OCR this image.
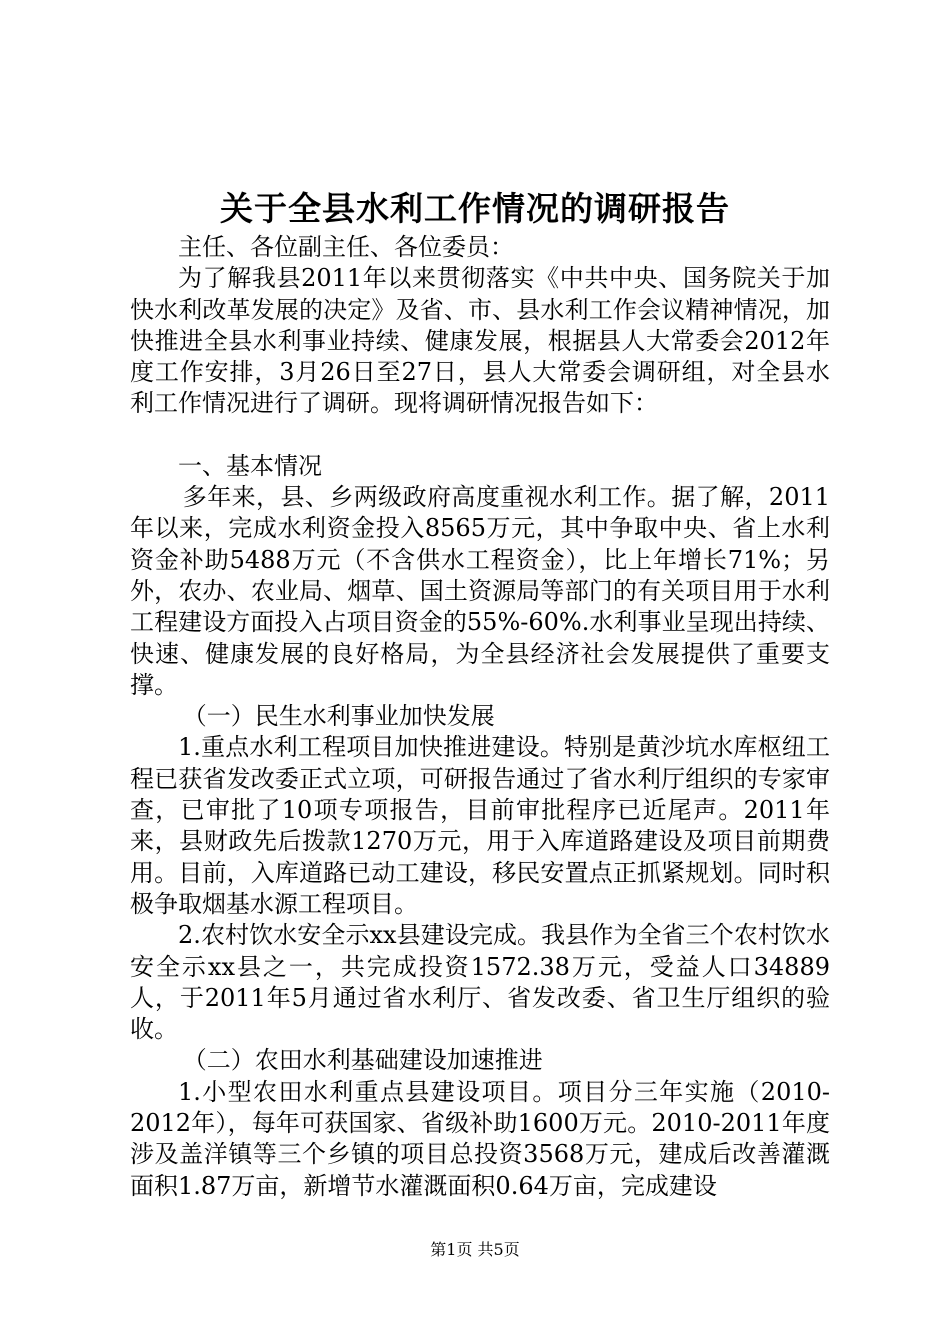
关于全县水利工作情况的调研报告

主任、各位副主任、各位委员：

为了解我县2011年以来贯彻落实《中共中央、国务院关于加快水利改革发展的决定》及省、市、县水利工作会议精神情况，加快推进全县水利事业持续、健康发展，根据县人大常委会2012年度工作安排，3月26日至27日，县人大常委会调研组，对全县水利工作情况进行了调研。现将调研情况报告如下：

一、基本情况

多年来，县、乡两级政府高度重视水利工作。据了解，2011年以来，完成水利资金投入8565万元，其中争取中央、省上水利资金补助5488万元（不含供水工程资金），比上年增长71%；另外，农办、农业局、烟草、国土资源局等部门的有关项目用于水利工程建设方面投入占项目资金的55%-60%.水利事业呈现出持续、快速、健康发展的良好格局，为全县经济社会发展提供了重要支撑。

（一）民生水利事业加快发展

1.重点水利工程项目加快推进建设。特别是黄沙坑水库枢纽工程已获省发改委正式立项，可研报告通过了省水利厅组织的专家审查，已审批了10项专项报告，目前审批程序已近尾声。2011年来，县财政先后拨款1270万元，用于入库道路建设及项目前期费用。目前，入库道路已动工建设，移民安置点正抓紧规划。同时积极争取烟基水源工程项目。

2.农村饮水安全示xx县建设完成。我县作为全省三个农村饮水安全示xx县之一，共完成投资1572.38万元，受益人口34889人，于2011年5月通过省水利厅、省发改委、省卫生厅组织的验收。

（二）农田水利基础建设加速推进

1.小型农田水利重点县建设项目。项目分三年实施（2010-2012年），每年可获国家、省级补助1600万元。2010-2011年度涉及盖洋镇等三个乡镇的项目总投资3568万元，建成后改善灌溉面积1.87万亩，新增节水灌溉面积0.64万亩，完成建设

第1页 共5页
